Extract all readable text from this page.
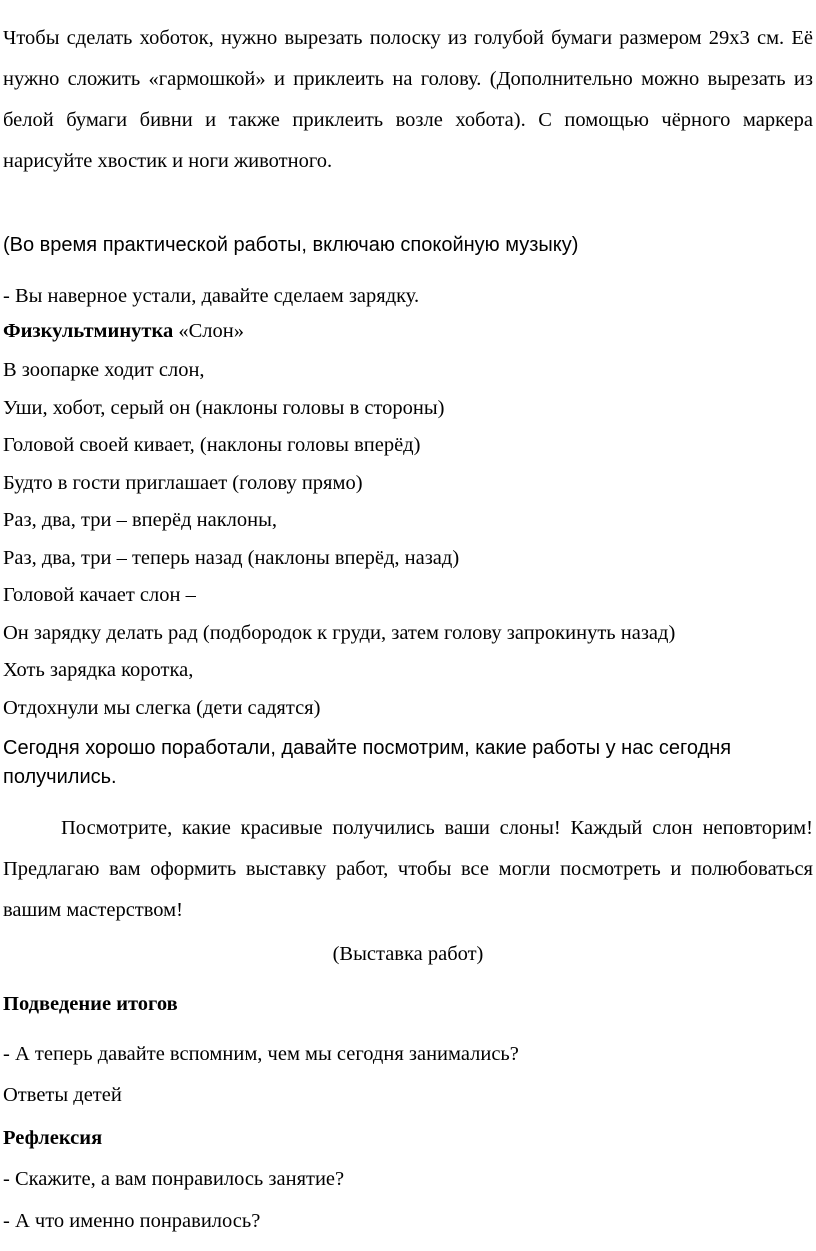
Чтобы сделать хоботок, нужно вырезать полоску из голубой бумаги размером 29х3 см. Её нужно сложить «гармошкой» и приклеить на голову. (Дополнительно можно вырезать из белой бумаги бивни и также приклеить возле хобота). С помощью чёрного маркера нарисуйте хвостик и ноги животного.

(Во время практической работы, включаю спокойную музыку)

- Вы наверное устали, давайте сделаем зарядку.

Физкультминутка «Слон»

В зоопарке ходит слон,

Уши, хобот, серый он (наклоны головы в стороны)

Головой своей кивает, (наклоны головы вперёд)

Будто в гости приглашает (голову прямо)

Раз, два, три – вперёд наклоны,

Раз, два, три – теперь назад (наклоны вперёд, назад)

Головой качает слон –

Он зарядку делать рад (подбородок к груди, затем голову запрокинуть назад)

Хоть зарядка коротка,

Отдохнули мы слегка (дети садятся)

Сегодня хорошо поработали, давайте посмотрим, какие работы у нас сегодня получились.

Посмотрите, какие красивые получились ваши слоны! Каждый слон неповторим! Предлагаю вам оформить выставку работ, чтобы все могли посмотреть и полюбоваться вашим мастерством!

(Выставка работ)

Подведение итогов

- А теперь давайте вспомним, чем мы сегодня занимались?

Ответы детей

Рефлексия

- Скажите, а вам понравилось занятие?

- А что именно понравилось?
